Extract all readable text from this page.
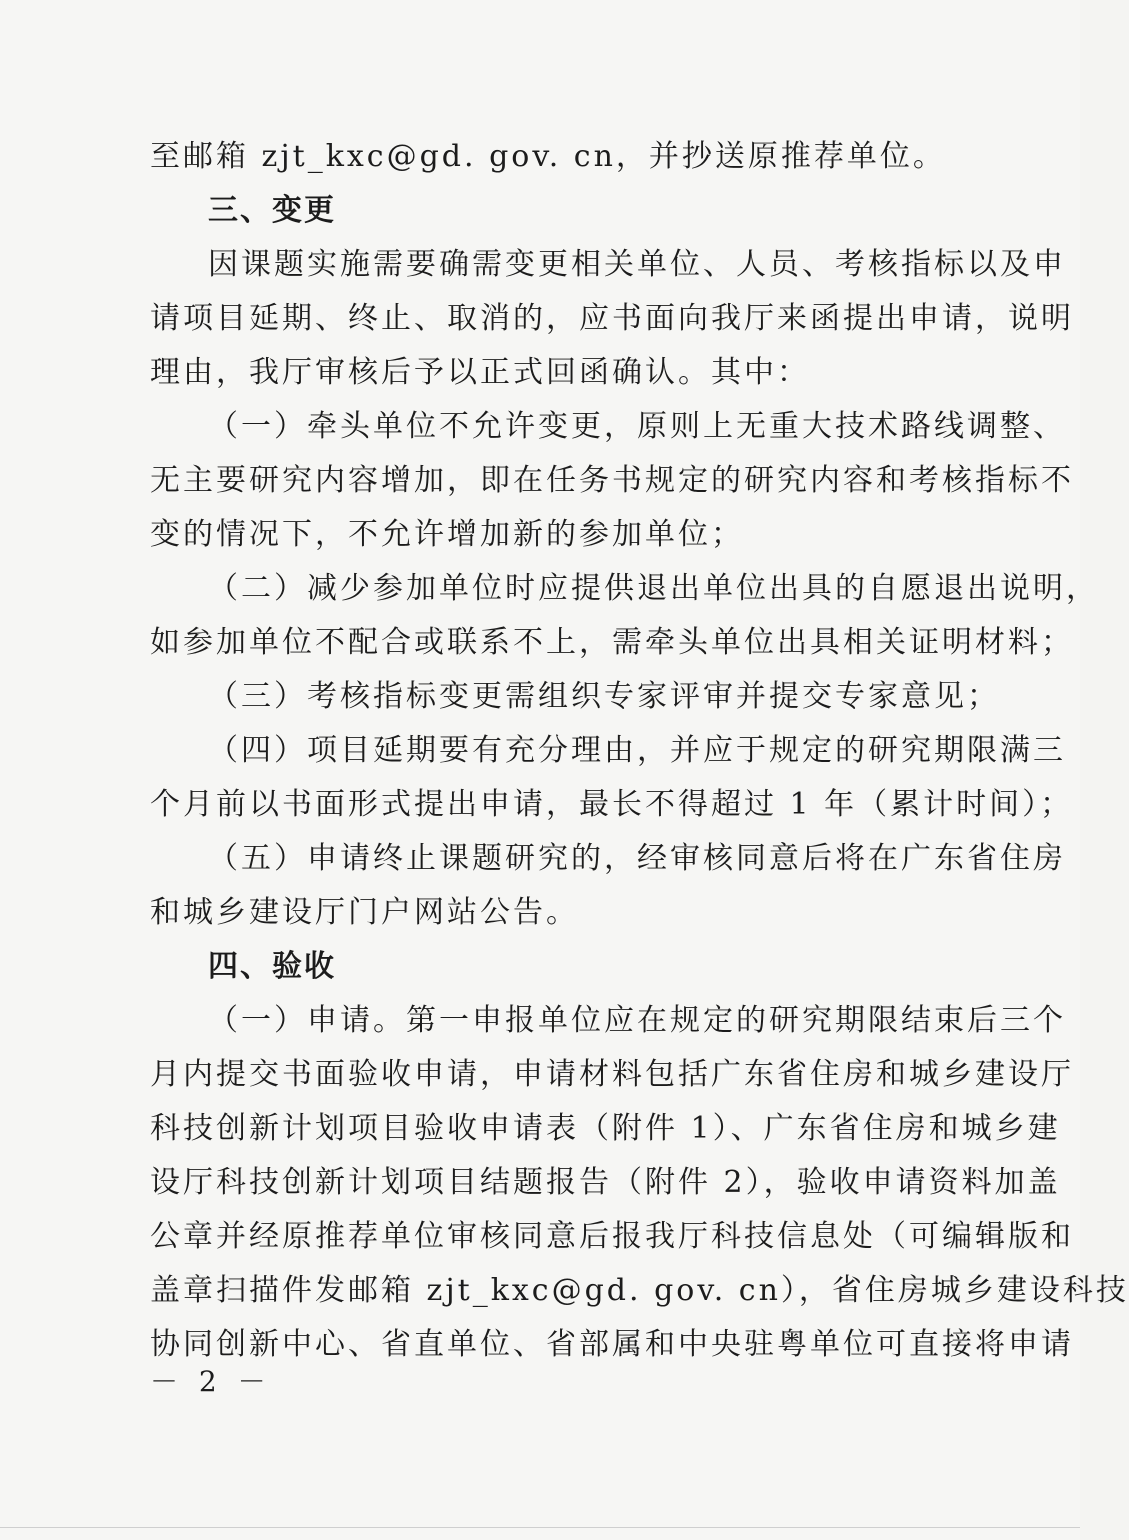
至邮箱 zjt_kxc@gd. gov. cn，并抄送原推荐单位。
三、变更
因课题实施需要确需变更相关单位、人员、考核指标以及申
请项目延期、终止、取消的，应书面向我厅来函提出申请，说明
理由，我厅审核后予以正式回函确认。其中：
（一）牵头单位不允许变更，原则上无重大技术路线调整、
无主要研究内容增加，即在任务书规定的研究内容和考核指标不
变的情况下，不允许增加新的参加单位；
（二）减少参加单位时应提供退出单位出具的自愿退出说明，
如参加单位不配合或联系不上，需牵头单位出具相关证明材料；
（三）考核指标变更需组织专家评审并提交专家意见；
（四）项目延期要有充分理由，并应于规定的研究期限满三
个月前以书面形式提出申请，最长不得超过 1 年（累计时间）；
（五）申请终止课题研究的，经审核同意后将在广东省住房
和城乡建设厅门户网站公告。
四、验收
（一）申请。第一申报单位应在规定的研究期限结束后三个
月内提交书面验收申请，申请材料包括广东省住房和城乡建设厅
科技创新计划项目验收申请表（附件 1）、广东省住房和城乡建
设厅科技创新计划项目结题报告（附件 2），验收申请资料加盖
公章并经原推荐单位审核同意后报我厅科技信息处（可编辑版和
盖章扫描件发邮箱 zjt_kxc@gd. gov. cn），省住房城乡建设科技
协同创新中心、省直单位、省部属和中央驻粤单位可直接将申请
－ 2 －
